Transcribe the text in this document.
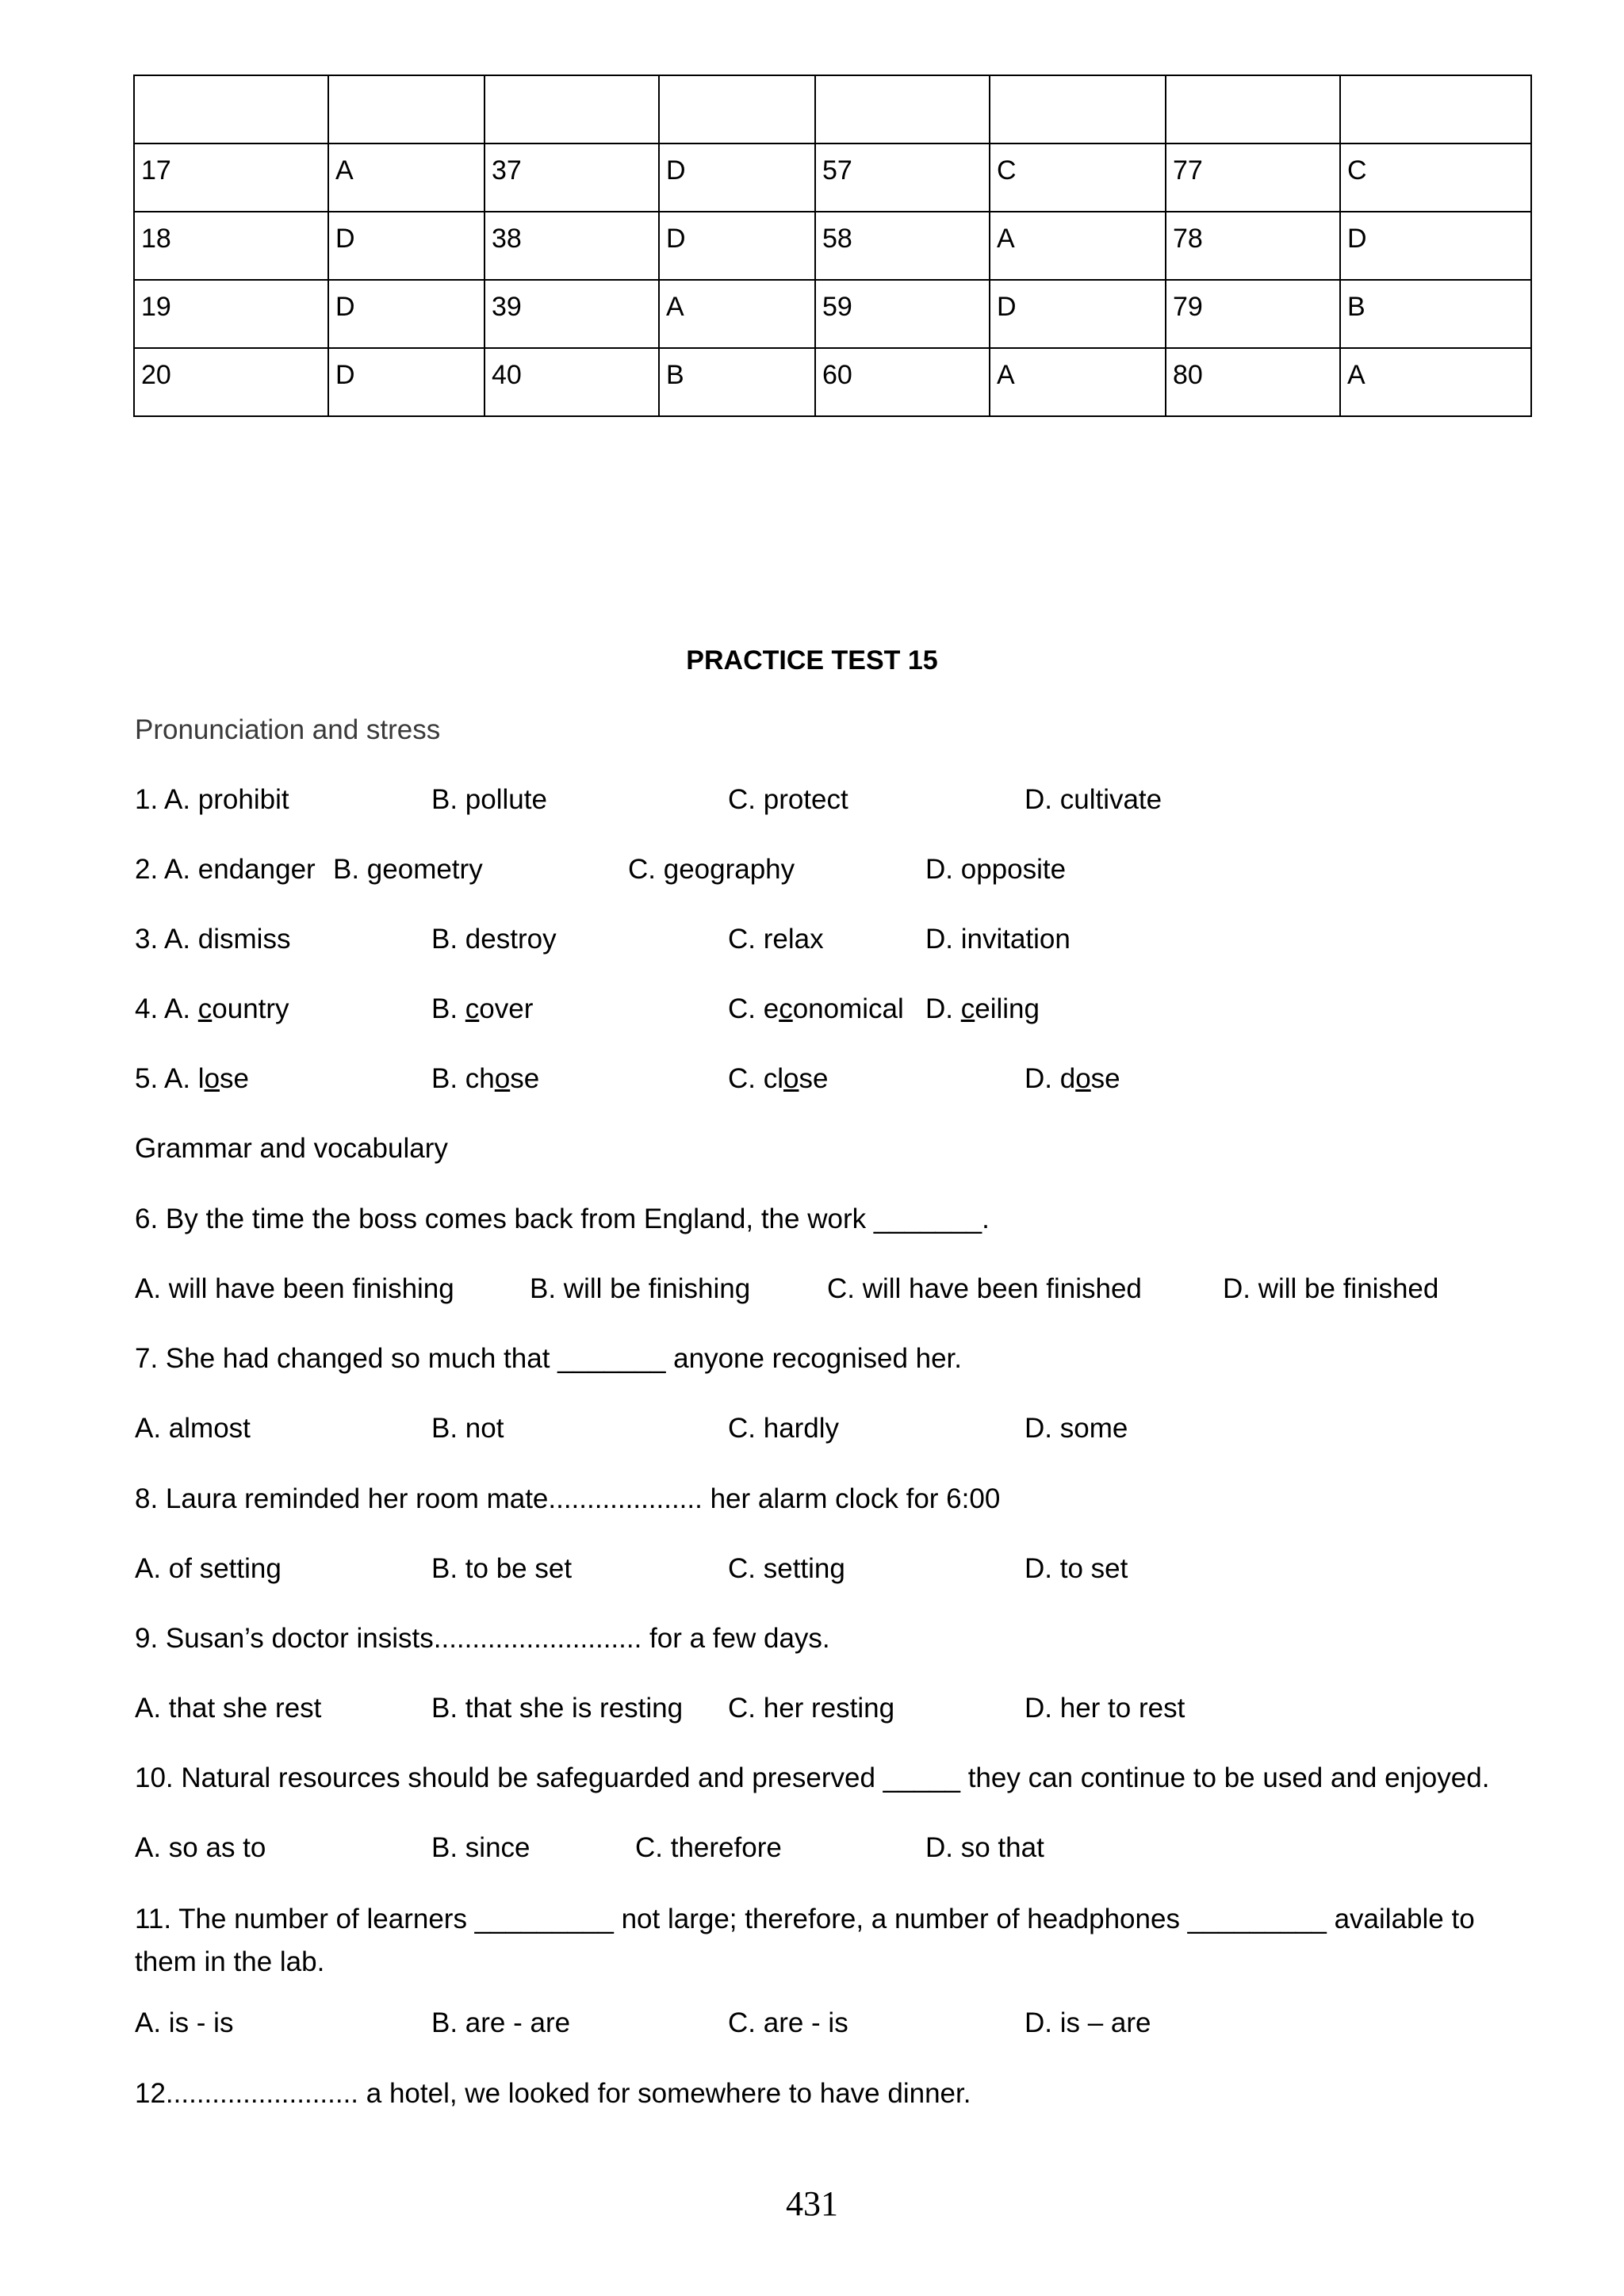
17	A	37	D	57	C	77	C
18	D	38	D	58	A	78	D
19	D	39	A	59	D	79	B
20	D	40	B	60	A	80	A
PRACTICE TEST 15
Pronunciation and stress
1. A. prohibit	B. pollute	C. protect	D. cultivate
2. A. endanger B. geometry	C. geography	D. opposite
3. A. dismiss	B. destroy	C. relax	D. invitation
4. A. country	B. cover	C. economical D. ceiling
5. A. lose	B. chose	C. close	D. dose
Grammar and vocabulary
6. By the time the boss comes back from England, the work _______.
A. will have been finishing	B. will be finishing	C. will have been finished	D. will be finished
7. She had changed so much that _______ anyone recognised her.
A. almost	B. not	C. hardly	D. some
8. Laura reminded her room mate.................... her alarm clock for 6:00
A. of setting	B. to be set	C. setting	D. to set
9. Susan’s doctor insists........................... for a few days.
A. that she rest	B. that she is resting C. her resting	D. her to rest
10. Natural resources should be safeguarded and preserved _____ they can continue to be used and enjoyed.
A. so as to	B. since	C. therefore	D. so that
11. The number of learners _________ not large; therefore, a number of headphones _________ available to them in the lab.
A. is - is	B. are - are	C. are - is	D. is – are
12......................... a hotel, we looked for somewhere to have dinner.
431
